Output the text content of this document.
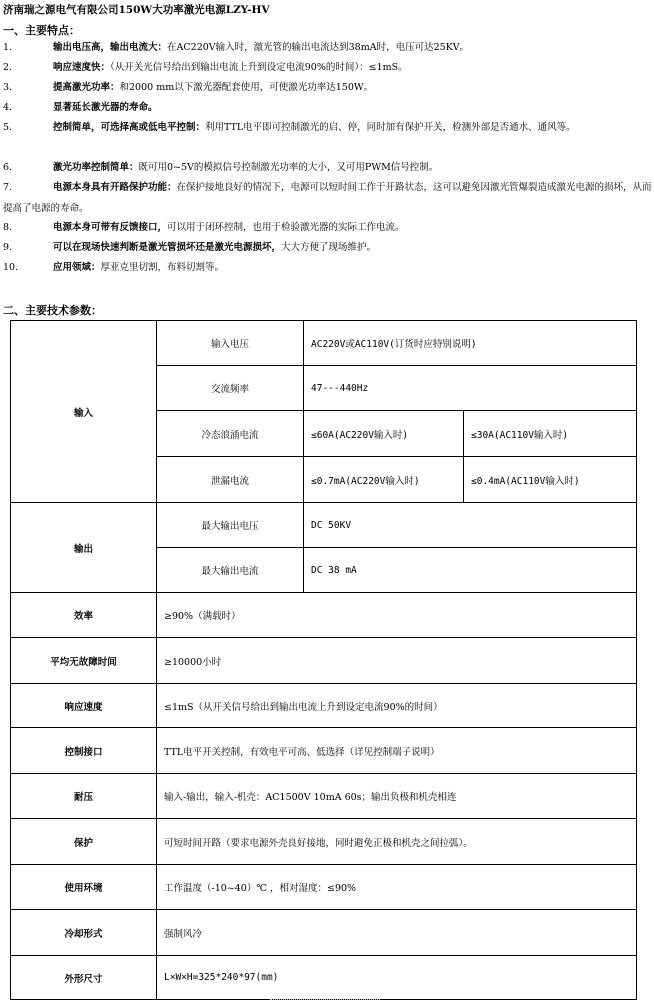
济南瑞之源电气有限公司150W大功率激光电源LZY-HV
一、主要特点：
1.	输出电压高，输出电流大：在AC220V输入时，激光管的输出电流达到38mA时，电压可达25KV。
2.	响应速度快：（从开关光信号给出到输出电流上升到设定电流90%的时间）：≤1mS。
3.	提高激光功率：和2000 mm以下激光器配套使用，可使激光功率达150W。
4.	显著延长激光器的寿命。
5.	控制简单，可选择高或低电平控制：利用TTL电平即可控制激光的启、停，同时加有保护开关，检测外部是否通水、通风等。
6.	激光功率控制简单：既可用0~5V的模拟信号控制激光功率的大小，又可用PWM信号控制。
7.	电源本身具有开路保护功能：在保护接地良好的情况下，电源可以短时间工作于开路状态，这可以避免因激光管爆裂造成激光电源的损坏，从而提高了电源的寿命。
8.	电源本身可带有反馈接口，可以用于闭环控制，也用于检验激光器的实际工作电流。
9.	可以在现场快速判断是激光管损坏还是激光电源损坏，大大方便了现场维护。
10.	应用领域：厚亚克里切割，布料切割等。
二、主要技术参数：
输入	输入电压	AC220V或AC110V(订货时应特别说明)	
	交流频率	47---440Hz	
	冷态浪涌电流	≤60A(AC220V输入时)	≤30A(AC110V输入时)
	泄漏电流	≤0.7mA(AC220V输入时)	≤0.4mA(AC110V输入时)
输出	最大输出电压	DC 50KV	
	最大输出电流	DC 38 mA	
效率	≥90%（满载时）		
平均无故障时间	≥10000小时		
响应速度	≤1mS（从开关信号给出到输出电流上升到设定电流90%的时间）		
控制接口	TTL电平开关控制，有效电平可高、低选择（详见控制端子说明）		
耐压	输入-输出，输入-机壳：AC1500V 10mA 60s；输出负极和机壳相连		
保护	可短时间开路（要求电源外壳良好接地，同时避免正极和机壳之间拉弧）。		
使用环境	工作温度（-10~40）℃ ，相对湿度：≤90%		
冷却形式	强制风冷		
外形尺寸	L×W×H=325*240*97(mm)		
